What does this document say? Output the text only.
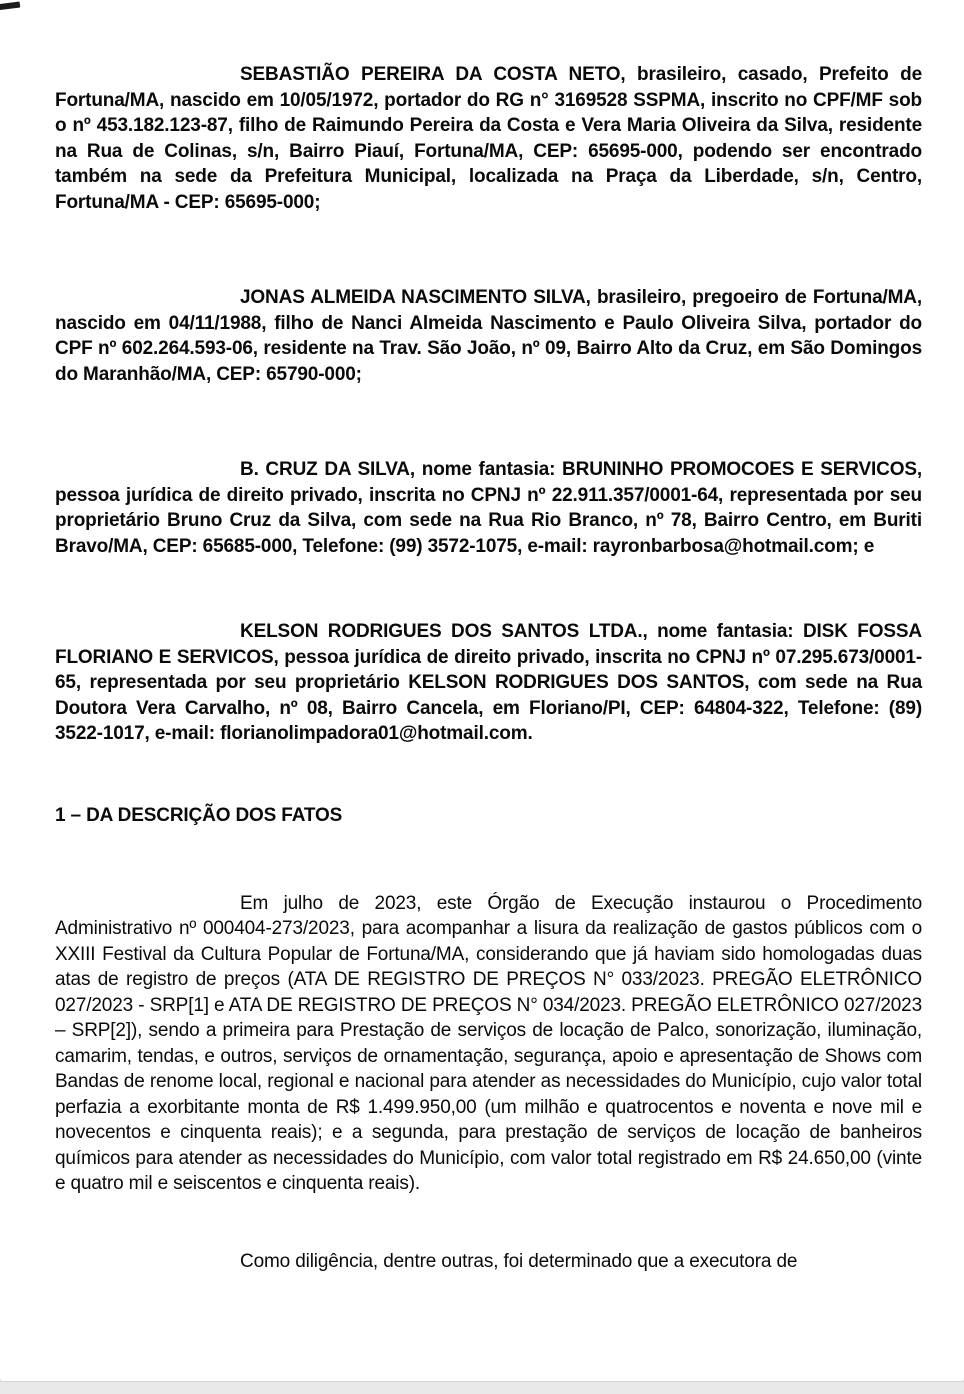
SEBASTIÃO PEREIRA DA COSTA NETO, brasileiro, casado, Prefeito de Fortuna/MA, nascido em 10/05/1972, portador do RG n° 3169528 SSPMA, inscrito no CPF/MF sob o nº 453.182.123-87, filho de Raimundo Pereira da Costa e Vera Maria Oliveira da Silva, residente na Rua de Colinas, s/n, Bairro Piauí, Fortuna/MA, CEP: 65695-000, podendo ser encontrado também na sede da Prefeitura Municipal, localizada na Praça da Liberdade, s/n, Centro, Fortuna/MA - CEP: 65695-000;

JONAS ALMEIDA NASCIMENTO SILVA, brasileiro, pregoeiro de Fortuna/MA, nascido em 04/11/1988, filho de Nanci Almeida Nascimento e Paulo Oliveira Silva, portador do CPF nº 602.264.593-06, residente na Trav. São João, nº 09, Bairro Alto da Cruz, em São Domingos do Maranhão/MA, CEP: 65790-000;

B. CRUZ DA SILVA, nome fantasia: BRUNINHO PROMOCOES E SERVICOS, pessoa jurídica de direito privado, inscrita no CPNJ nº 22.911.357/0001-64, representada por seu proprietário Bruno Cruz da Silva, com sede na Rua Rio Branco, nº 78, Bairro Centro, em Buriti Bravo/MA, CEP: 65685-000, Telefone: (99) 3572-1075, e-mail: rayronbarbosa@hotmail.com; e

KELSON RODRIGUES DOS SANTOS LTDA., nome fantasia: DISK FOSSA FLORIANO E SERVICOS, pessoa jurídica de direito privado, inscrita no CPNJ nº 07.295.673/0001-65, representada por seu proprietário KELSON RODRIGUES DOS SANTOS, com sede na Rua Doutora Vera Carvalho, nº 08, Bairro Cancela, em Floriano/PI, CEP: 64804-322, Telefone: (89) 3522-1017, e-mail: florianolimpadora01@hotmail.com.

1 – DA DESCRIÇÃO DOS FATOS

Em julho de 2023, este Órgão de Execução instaurou o Procedimento Administrativo nº 000404-273/2023, para acompanhar a lisura da realização de gastos públicos com o XXIII Festival da Cultura Popular de Fortuna/MA, considerando que já haviam sido homologadas duas atas de registro de preços (ATA DE REGISTRO DE PREÇOS N° 033/2023. PREGÃO ELETRÔNICO 027/2023 - SRP[1] e ATA DE REGISTRO DE PREÇOS N° 034/2023. PREGÃO ELETRÔNICO 027/2023 – SRP[2]), sendo a primeira para Prestação de serviços de locação de Palco, sonorização, iluminação, camarim, tendas, e outros, serviços de ornamentação, segurança, apoio e apresentação de Shows com Bandas de renome local, regional e nacional para atender as necessidades do Município, cujo valor total perfazia a exorbitante monta de R$ 1.499.950,00 (um milhão e quatrocentos e noventa e nove mil e novecentos e cinquenta reais); e a segunda, para prestação de serviços de locação de banheiros químicos para atender as necessidades do Município, com valor total registrado em R$ 24.650,00 (vinte e quatro mil e seiscentos e cinquenta reais).

Como diligência, dentre outras, foi determinado que a executora de
